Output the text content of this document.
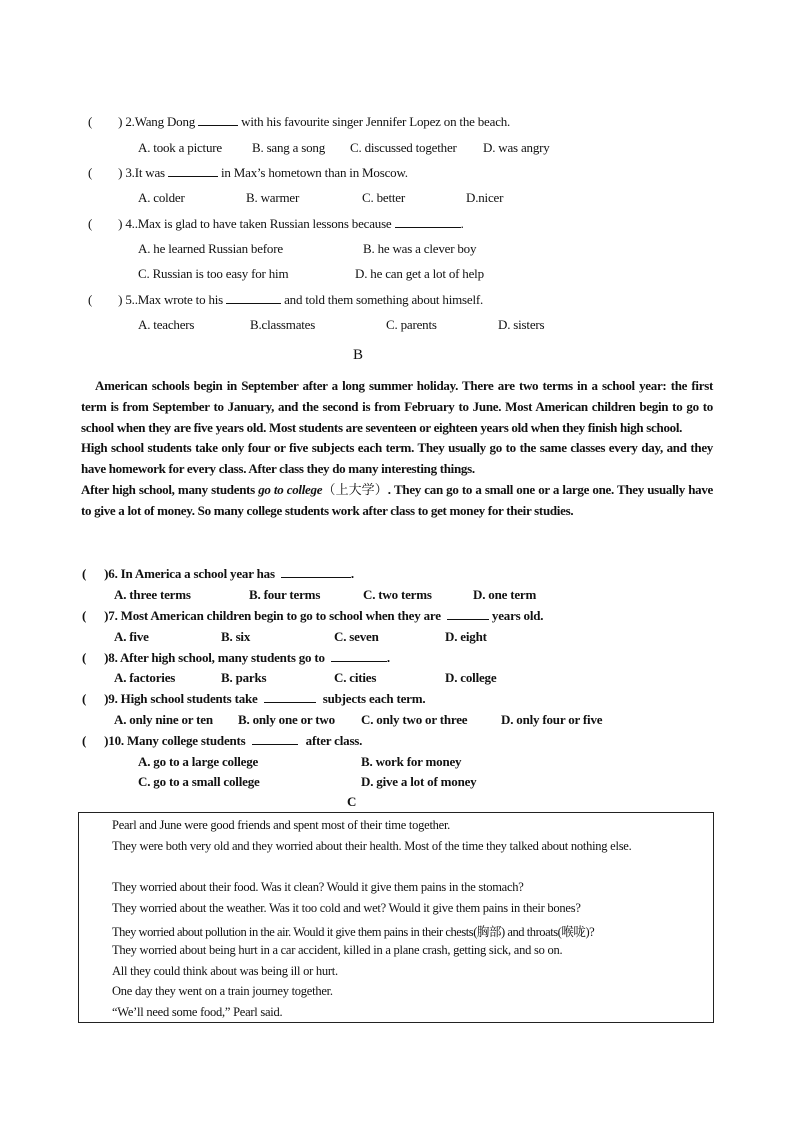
( ) 2.Wang Dong	with his favourite singer Jennifer Lopez on the beach.
A. took a picture B. sang a song C. discussed together D. was angry
( ) 3.It was	in Max’s hometown than in Moscow.
A. colder	B. warmer	C. better	D.nicer
( ) 4..Max is glad to have taken Russian lessons because	.
A. he learned Russian before	B. he was a clever boy
C. Russian is too easy for him	D. he can get a lot of help
( ) 5..Max wrote to his	and told them something about himself.
A. teachers	B.classmates	C. parents	D. sisters
B

American schools begin in September after a long summer holiday. There are two terms in a school year: the first term is from September to January, and the second is from February to June. Most American children begin to go to school when they are five years old. Most students are seventeen or eighteen years old when they finish high school.

High school students take only four or five subjects each term. They usually go to the same classes every day, and they have homework for every class. After class they do many interesting things.

After high school, many students go to college（上大学）. They can go to a small one or a large one. They usually have to give a lot of money. So many college students work after class to get money for their studies.

( )6. In America a school year has	.
A. three terms	B. four terms	C. two terms	D. one term
( )7. Most American children begin to go to school when they are	years old.
A. five	B. six	C. seven	D. eight
( )8. After high school, many students go to	.
A. factories	B. parks	C. cities	D. college
( )9. High school students take	subjects each term.
A. only nine or ten B. only one or two C. only two or three	D. only four or five
( )10. Many college students	after class.
A. go to a large college	B. work for money
C. go to a small college	D. give a lot of money
C
Pearl and June were good friends and spent most of their time together.

They were both very old and they worried about their health. Most of the time they talked about nothing else.

They worried about their food. Was it clean? Would it give them pains in the stomach?
They worried about the weather. Was it too cold and wet? Would it give them pains in their bones?
They worried about pollution in the air. Would it give them pains in their chests(胸部) and throats(喉咙)?
They worried about being hurt in a car accident, killed in a plane crash, getting sick, and so on.
All they could think about was being ill or hurt.
One day they went on a train journey together.
“We’ll need some food,” Pearl said.
